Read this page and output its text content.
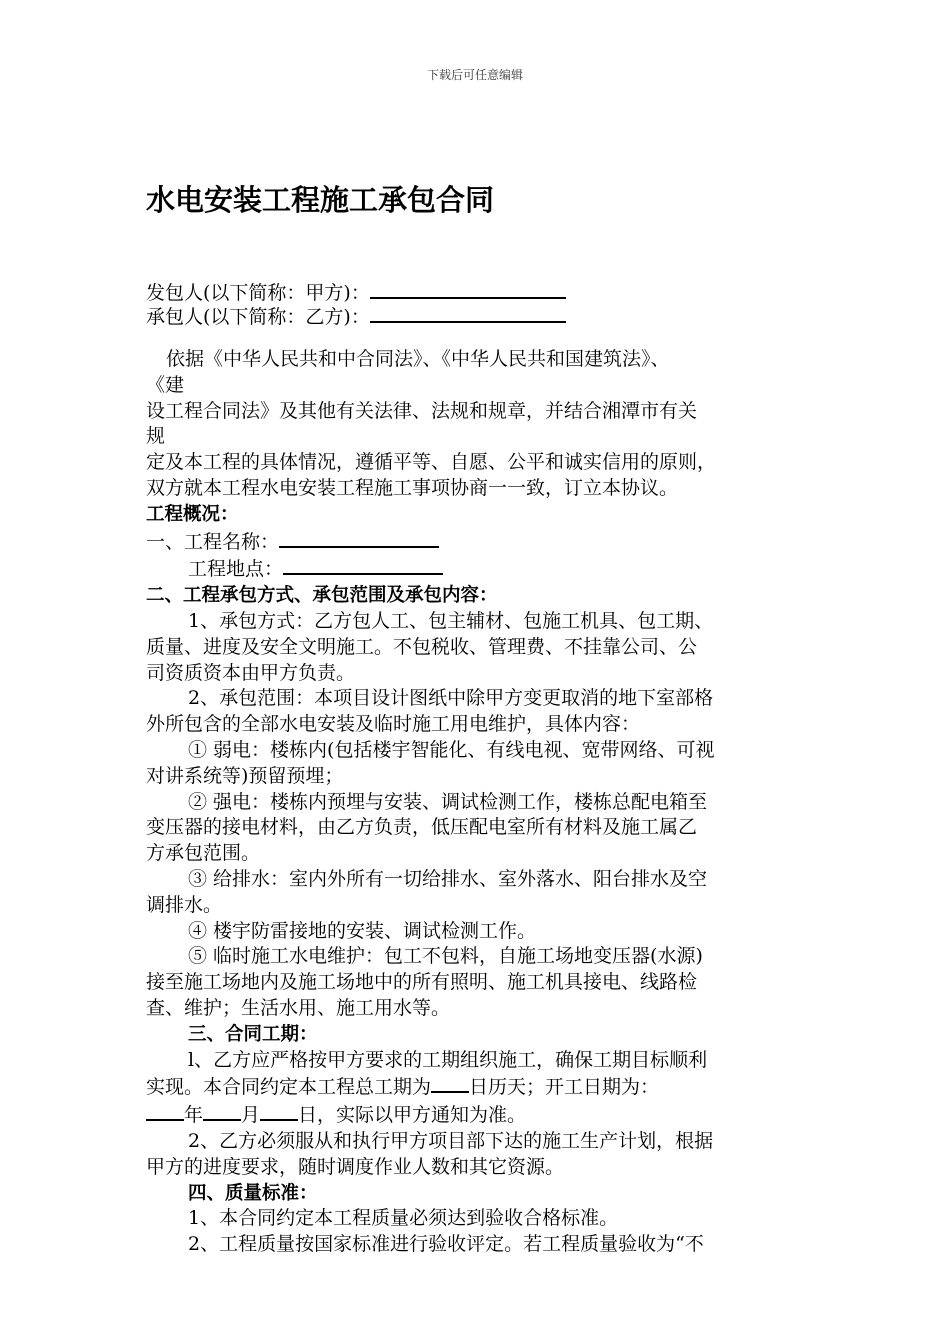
下载后可任意编辑
水电安装工程施工承包合同
发包人(以下简称：甲方)：
承包人(以下简称：乙方)：

依据《中华人民共和中合同法》、《中华人民共和国建筑法》、

《建

设工程合同法》及其他有关法律、法规和规章，并结合湘潭市有关

规

定及本工程的具体情况，遵循平等、自愿、公平和诚实信用的原则，

双方就本工程水电安装工程施工事项协商一一致，订立本协议。

工程概况：

一、工程名称：

工程地点：

二、工程承包方式、承包范围及承包内容：

1、承包方式：乙方包人工、包主辅材、包施工机具、包工期、

质量、进度及安全文明施工。不包税收、管理费、不挂靠公司、公

司资质资本由甲方负责。

2、承包范围：本项目设计图纸中除甲方变更取消的地下室部格

外所包含的全部水电安装及临时施工用电维护，具体内容：

① 弱电：楼栋内(包括楼宇智能化、有线电视、宽带网络、可视

对讲系统等)预留预埋；

② 强电：楼栋内预埋与安装、调试检测工作，楼栋总配电箱至

变压器的接电材料，由乙方负责，低压配电室所有材料及施工属乙

方承包范围。

③ 给排水：室内外所有一切给排水、室外落水、阳台排水及空

调排水。

④ 楼宇防雷接地的安装、调试检测工作。

⑤ 临时施工水电维护：包工不包料，自施工场地变压器(水源)

接至施工场地内及施工场地中的所有照明、施工机具接电、线路检

查、维护；生活水用、施工用水等。

三、合同工期：

l、乙方应严格按甲方要求的工期组织施工，确保工期目标顺利

实现。本合同约定本工程总工期为 日历天；开工日期为：

年 月 日，实际以甲方通知为准。

2、乙方必须服从和执行甲方项目部下达的施工生产计划，根据

甲方的进度要求，随时调度作业人数和其它资源。

四、质量标准：

1、本合同约定本工程质量必须达到验收合格标准。

2、工程质量按国家标准进行验收评定。若工程质量验收为“不
